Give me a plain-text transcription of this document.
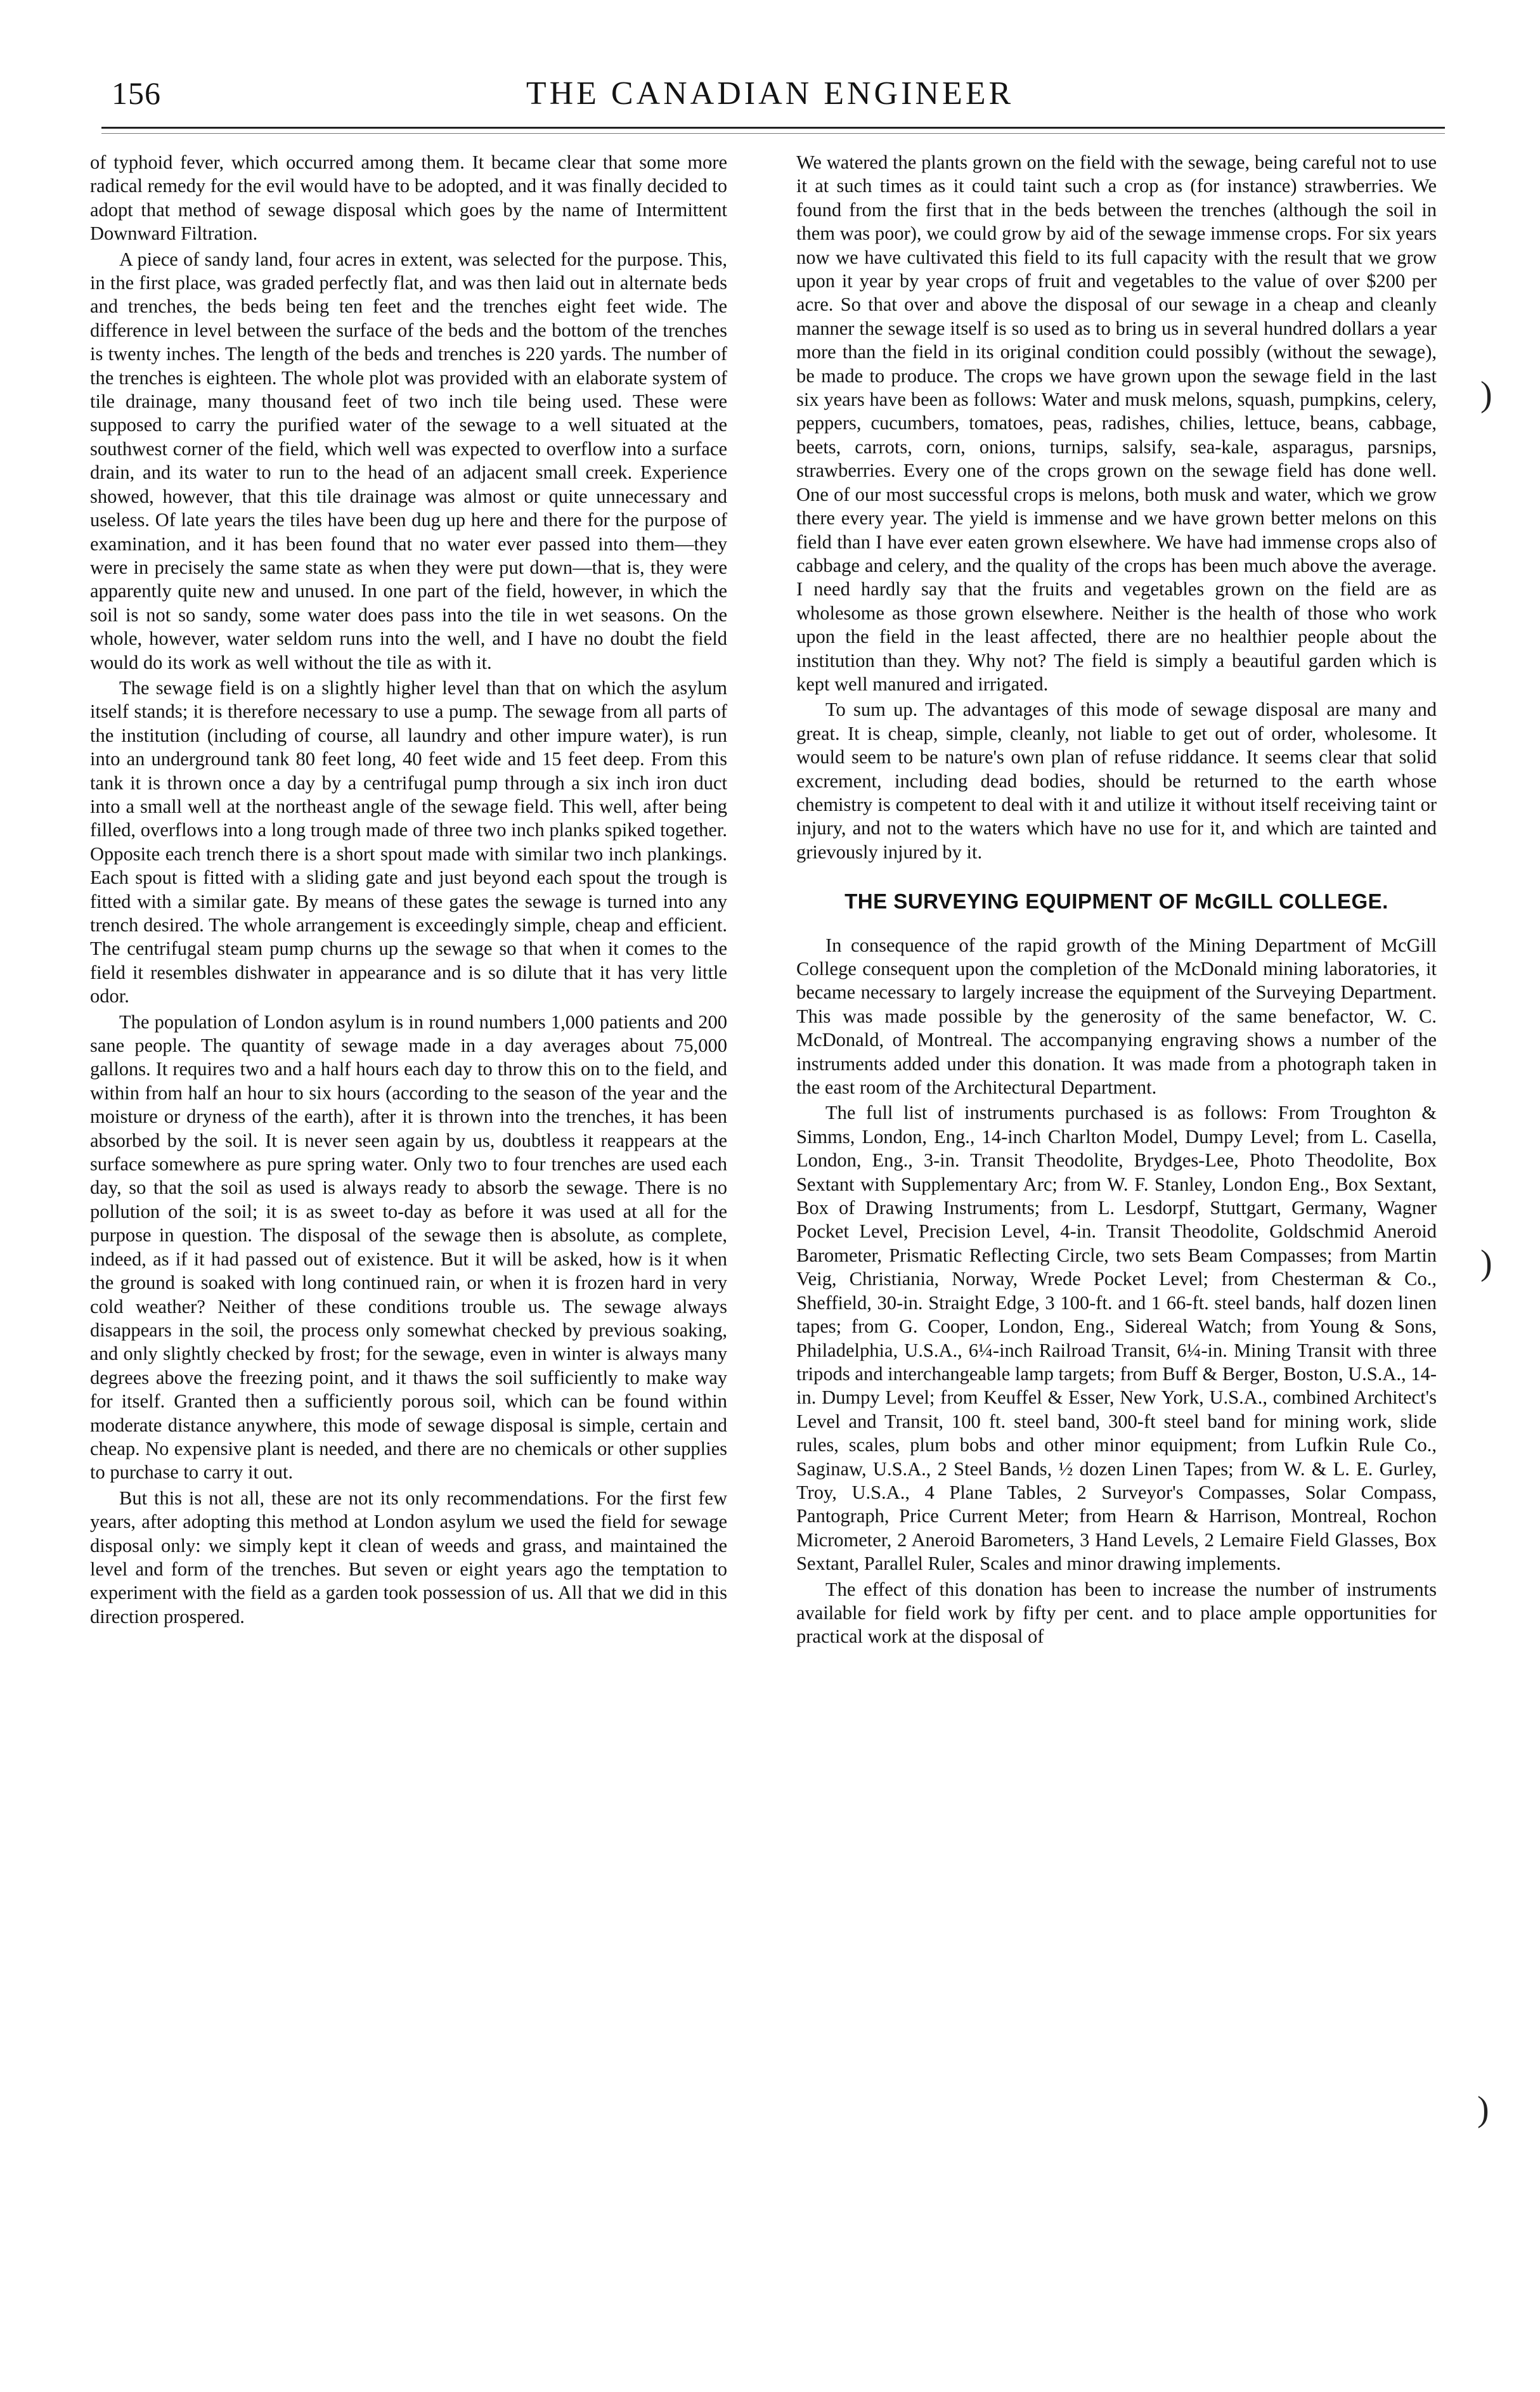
156	THE CANADIAN ENGINEER

of typhoid fever, which occurred among them. It became clear that some more radical remedy for the evil would have to be adopted, and it was finally decided to adopt that method of sewage disposal which goes by the name of Intermittent Downward Filtration.

A piece of sandy land, four acres in extent, was selected for the purpose. This, in the first place, was graded perfectly flat, and was then laid out in alternate beds and trenches, the beds being ten feet and the trenches eight feet wide. The difference in level between the surface of the beds and the bottom of the trenches is twenty inches. The length of the beds and trenches is 220 yards. The number of the trenches is eighteen. The whole plot was provided with an elaborate system of tile drainage, many thousand feet of two inch tile being used. These were supposed to carry the purified water of the sewage to a well situated at the southwest corner of the field, which well was expected to overflow into a surface drain, and its water to run to the head of an adjacent small creek. Experience showed, however, that this tile drainage was almost or quite unnecessary and useless. Of late years the tiles have been dug up here and there for the purpose of examination, and it has been found that no water ever passed into them—they were in precisely the same state as when they were put down—that is, they were apparently quite new and unused. In one part of the field, however, in which the soil is not so sandy, some water does pass into the tile in wet seasons. On the whole, however, water seldom runs into the well, and I have no doubt the field would do its work as well without the tile as with it.

The sewage field is on a slightly higher level than that on which the asylum itself stands; it is therefore necessary to use a pump. The sewage from all parts of the institution (including of course, all laundry and other impure water), is run into an underground tank 80 feet long, 40 feet wide and 15 feet deep. From this tank it is thrown once a day by a centrifugal pump through a six inch iron duct into a small well at the northeast angle of the sewage field. This well, after being filled, overflows into a long trough made of three two inch planks spiked together. Opposite each trench there is a short spout made with similar two inch plankings. Each spout is fitted with a sliding gate and just beyond each spout the trough is fitted with a similar gate. By means of these gates the sewage is turned into any trench desired. The whole arrangement is exceedingly simple, cheap and efficient. The centrifugal steam pump churns up the sewage so that when it comes to the field it resembles dishwater in appearance and is so dilute that it has very little odor.

The population of London asylum is in round numbers 1,000 patients and 200 sane people. The quantity of sewage made in a day averages about 75,000 gallons. It requires two and a half hours each day to throw this on to the field, and within from half an hour to six hours (according to the season of the year and the moisture or dryness of the earth), after it is thrown into the trenches, it has been absorbed by the soil. It is never seen again by us, doubtless it reappears at the surface somewhere as pure spring water. Only two to four trenches are used each day, so that the soil as used is always ready to absorb the sewage. There is no pollution of the soil; it is as sweet to-day as before it was used at all for the purpose in question. The disposal of the sewage then is absolute, as complete, indeed, as if it had passed out of existence. But it will be asked, how is it when the ground is soaked with long continued rain, or when it is frozen hard in very cold weather? Neither of these conditions trouble us. The sewage always disappears in the soil, the process only somewhat checked by previous soaking, and only slightly checked by frost; for the sewage, even in winter is always many degrees above the freezing point, and it thaws the soil sufficiently to make way for itself. Granted then a sufficiently porous soil, which can be found within moderate distance anywhere, this mode of sewage disposal is simple, certain and cheap. No expensive plant is needed, and there are no chemicals or other supplies to purchase to carry it out.

But this is not all, these are not its only recommendations. For the first few years, after adopting this method at London asylum we used the field for sewage disposal only: we simply kept it clean of weeds and grass, and maintained the level and form of the trenches. But seven or eight years ago the temptation to experiment with the field as a garden took possession of us. All that we did in this direction prospered.

We watered the plants grown on the field with the sewage, being careful not to use it at such times as it could taint such a crop as (for instance) strawberries. We found from the first that in the beds between the trenches (although the soil in them was poor), we could grow by aid of the sewage immense crops. For six years now we have cultivated this field to its full capacity with the result that we grow upon it year by year crops of fruit and vegetables to the value of over $200 per acre. So that over and above the disposal of our sewage in a cheap and cleanly manner the sewage itself is so used as to bring us in several hundred dollars a year more than the field in its original condition could possibly (without the sewage), be made to produce. The crops we have grown upon the sewage field in the last six years have been as follows: Water and musk melons, squash, pumpkins, celery, peppers, cucumbers, tomatoes, peas, radishes, chilies, lettuce, beans, cabbage, beets, carrots, corn, onions, turnips, salsify, sea-kale, asparagus, parsnips, strawberries. Every one of the crops grown on the sewage field has done well. One of our most successful crops is melons, both musk and water, which we grow there every year. The yield is immense and we have grown better melons on this field than I have ever eaten grown elsewhere. We have had immense crops also of cabbage and celery, and the quality of the crops has been much above the average. I need hardly say that the fruits and vegetables grown on the field are as wholesome as those grown elsewhere. Neither is the health of those who work upon the field in the least affected, there are no healthier people about the institution than they. Why not? The field is simply a beautiful garden which is kept well manured and irrigated.

To sum up. The advantages of this mode of sewage disposal are many and great. It is cheap, simple, cleanly, not liable to get out of order, wholesome. It would seem to be nature's own plan of refuse riddance. It seems clear that solid excrement, including dead bodies, should be returned to the earth whose chemistry is competent to deal with it and utilize it without itself receiving taint or injury, and not to the waters which have no use for it, and which are tainted and grievously injured by it.

THE SURVEYING EQUIPMENT OF McGILL COLLEGE.

In consequence of the rapid growth of the Mining Department of McGill College consequent upon the completion of the McDonald mining laboratories, it became necessary to largely increase the equipment of the Surveying Department. This was made possible by the generosity of the same benefactor, W. C. McDonald, of Montreal. The accompanying engraving shows a number of the instruments added under this donation. It was made from a photograph taken in the east room of the Architectural Department.

The full list of instruments purchased is as follows: From Troughton & Simms, London, Eng., 14-inch Charlton Model, Dumpy Level; from L. Casella, London, Eng., 3-in. Transit Theodolite, Brydges-Lee, Photo Theodolite, Box Sextant with Supplementary Arc; from W. F. Stanley, London Eng., Box Sextant, Box of Drawing Instruments; from L. Lesdorpf, Stuttgart, Germany, Wagner Pocket Level, Precision Level, 4-in. Transit Theodolite, Goldschmid Aneroid Barometer, Prismatic Reflecting Circle, two sets Beam Compasses; from Martin Veig, Christiania, Norway, Wrede Pocket Level; from Chesterman & Co., Sheffield, 30-in. Straight Edge, 3 100-ft. and 1 66-ft. steel bands, half dozen linen tapes; from G. Cooper, London, Eng., Sidereal Watch; from Young & Sons, Philadelphia, U.S.A., 6¼-inch Railroad Transit, 6¼-in. Mining Transit with three tripods and interchangeable lamp targets; from Buff & Berger, Boston, U.S.A., 14-in. Dumpy Level; from Keuffel & Esser, New York, U.S.A., combined Architect's Level and Transit, 100 ft. steel band, 300-ft steel band for mining work, slide rules, scales, plum bobs and other minor equipment; from Lufkin Rule Co., Saginaw, U.S.A., 2 Steel Bands, ½ dozen Linen Tapes; from W. & L. E. Gurley, Troy, U.S.A., 4 Plane Tables, 2 Surveyor's Compasses, Solar Compass, Pantograph, Price Current Meter; from Hearn & Harrison, Montreal, Rochon Micrometer, 2 Aneroid Barometers, 3 Hand Levels, 2 Lemaire Field Glasses, Box Sextant, Parallel Ruler, Scales and minor drawing implements.

The effect of this donation has been to increase the number of instruments available for field work by fifty per cent. and to place ample opportunities for practical work at the disposal of

)
)
)
